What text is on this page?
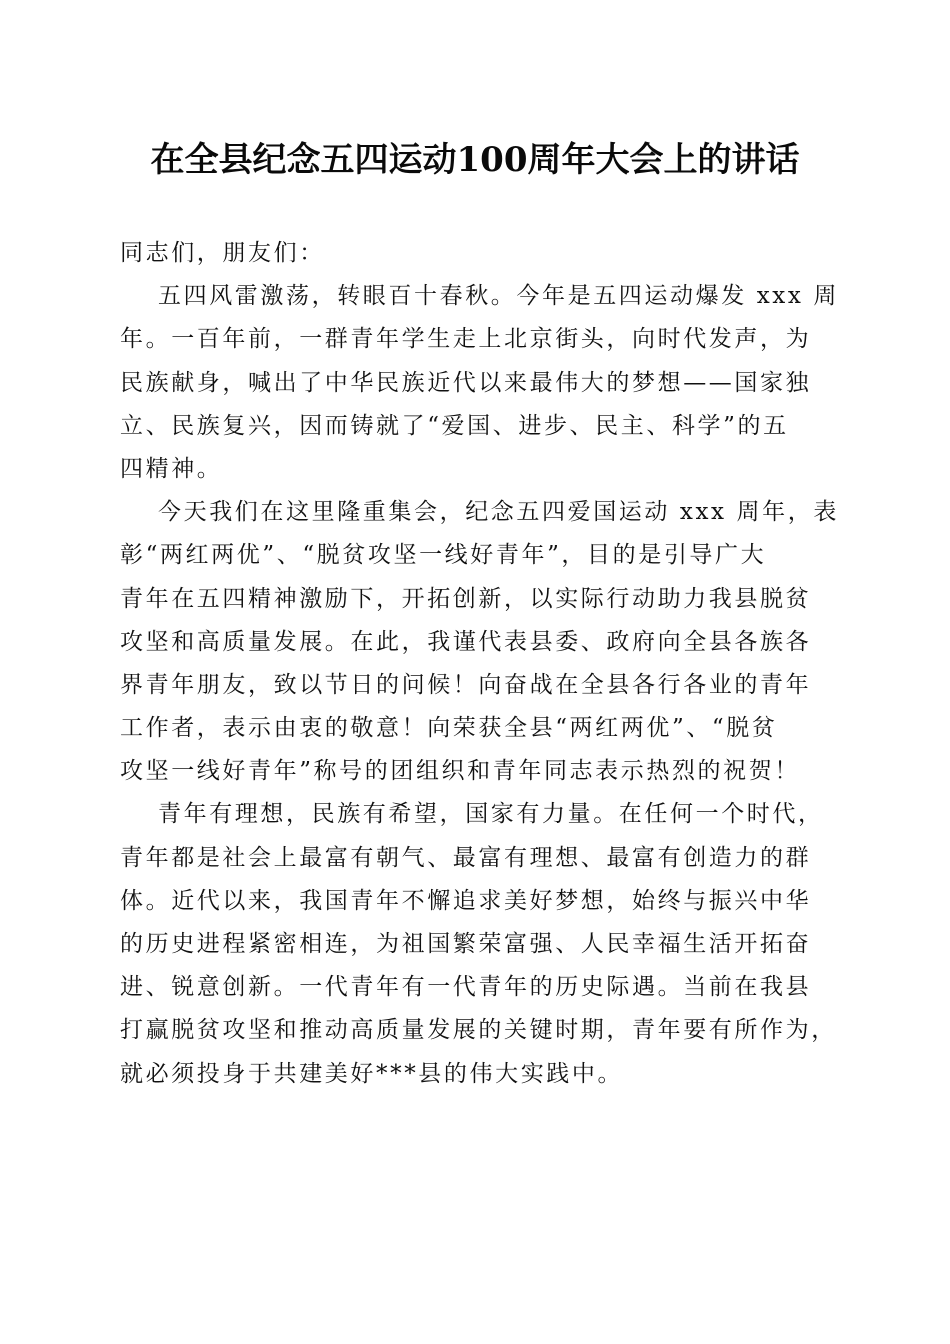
在全县纪念五四运动100周年大会上的讲话
同志们，朋友们：
五四风雷激荡，转眼百十春秋。今年是五四运动爆发 xxx 周
年。一百年前，一群青年学生走上北京街头，向时代发声，为
民族献身，喊出了中华民族近代以来最伟大的梦想——国家独
立、民族复兴，因而铸就了“爱国、进步、民主、科学”的五
四精神。
今天我们在这里隆重集会，纪念五四爱国运动 xxx 周年，表
彰“两红两优”、“脱贫攻坚一线好青年”，目的是引导广大
青年在五四精神激励下，开拓创新，以实际行动助力我县脱贫
攻坚和高质量发展。在此，我谨代表县委、政府向全县各族各
界青年朋友，致以节日的问候！向奋战在全县各行各业的青年
工作者，表示由衷的敬意！向荣获全县“两红两优”、“脱贫
攻坚一线好青年”称号的团组织和青年同志表示热烈的祝贺！
青年有理想，民族有希望，国家有力量。在任何一个时代，
青年都是社会上最富有朝气、最富有理想、最富有创造力的群
体。近代以来，我国青年不懈追求美好梦想，始终与振兴中华
的历史进程紧密相连，为祖国繁荣富强、人民幸福生活开拓奋
进、锐意创新。一代青年有一代青年的历史际遇。当前在我县
打赢脱贫攻坚和推动高质量发展的关键时期，青年要有所作为，
就必须投身于共建美好***县的伟大实践中。
